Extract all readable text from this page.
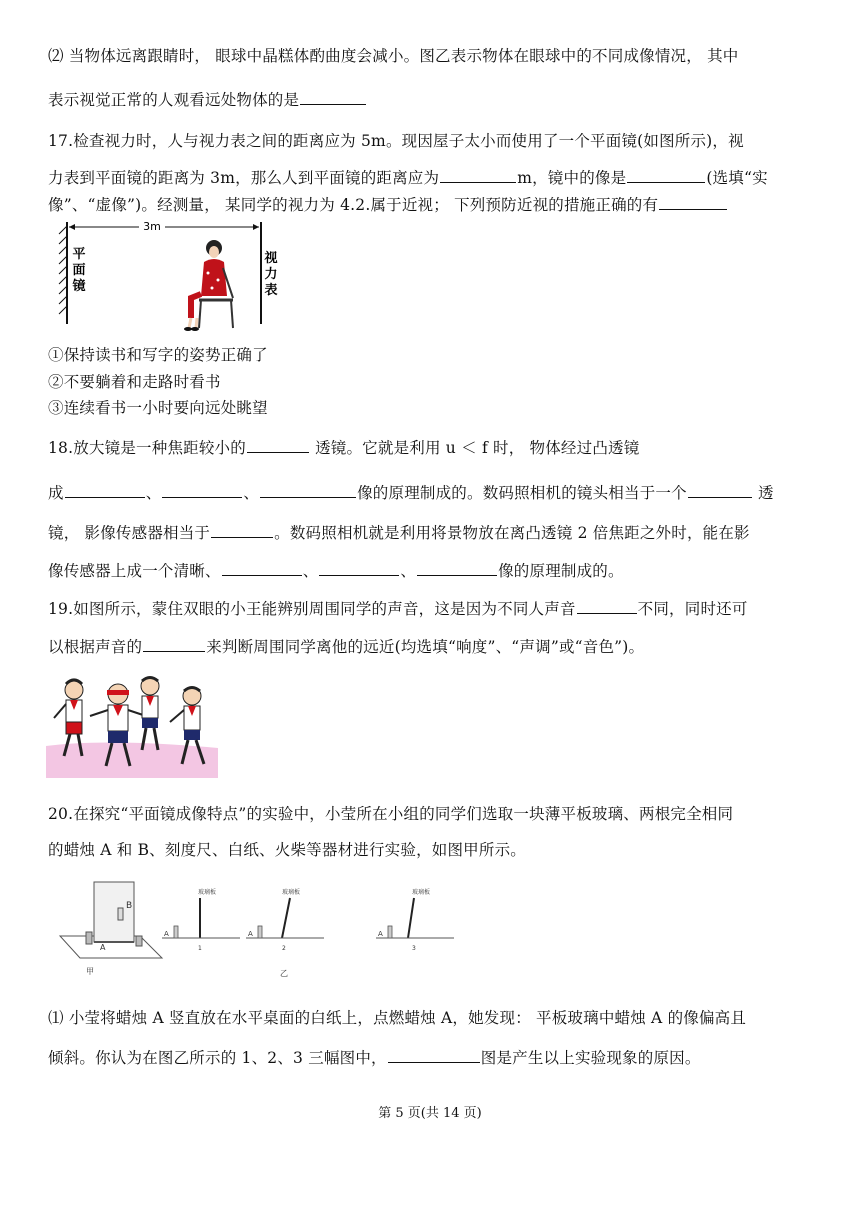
⑵ 当物体远离跟睛时， 眼球中晶糕体酌曲度会减小。图乙表示物体在眼球中的不同成像情况， 其中
表示视觉正常的人观看远处物体的是
17.检查视力时，人与视力表之间的距离应为 5m。现因屋子太小而使用了一个平面镜(如图所示)，视
力表到平面镜的距离为 3m，那么人到平面镜的距离应为	m，镜中的像是	(选填“实
像”、“虚像”)。经测量， 某同学的视力为 4.2.属于近视； 下列预防近视的措施正确的有
3m
平
面
镜
视
力
表
①保持读书和写字的姿势正确了
②不要躺着和走路时看书
③连续看书一小时要向远处眺望
18.放大镜是一种焦距较小的	透镜。它就是利用 u ＜ f 时， 物体经过凸透镜
成	、	、	像的原理制成的。数码照相机的镜头相当于一个	透
镜， 影像传感器相当于	。数码照相机就是利用将景物放在离凸透镜 2 倍焦距之外时，能在影
像传感器上成一个清晰、	、	、	像的原理制成的。
19.如图所示，蒙住双眼的小王能辨别周围同学的声音，这是因为不同人声音	不同，同时还可
以根据声音的	来判断周围同学离他的远近(均选填“响度”、“声调”或“音色”)。
20.在探究“平面镜成像特点”的实验中，小莹所在小组的同学们选取一块薄平板玻璃、两根完全相同
的蜡烛 A 和 B、刻度尺、白纸、火柴等器材进行实验，如图甲所示。
B
A
甲
玻璃板
A
1
玻璃板
A
2
乙
玻璃板
A
3
⑴ 小莹将蜡烛 A 竖直放在水平桌面的白纸上，点燃蜡烛 A，她发现： 平板玻璃中蜡烛 A 的像偏高且
倾斜。你认为在图乙所示的 1、2、3 三幅图中，	图是产生以上实验现象的原因。
第 5 页(共 14 页)
